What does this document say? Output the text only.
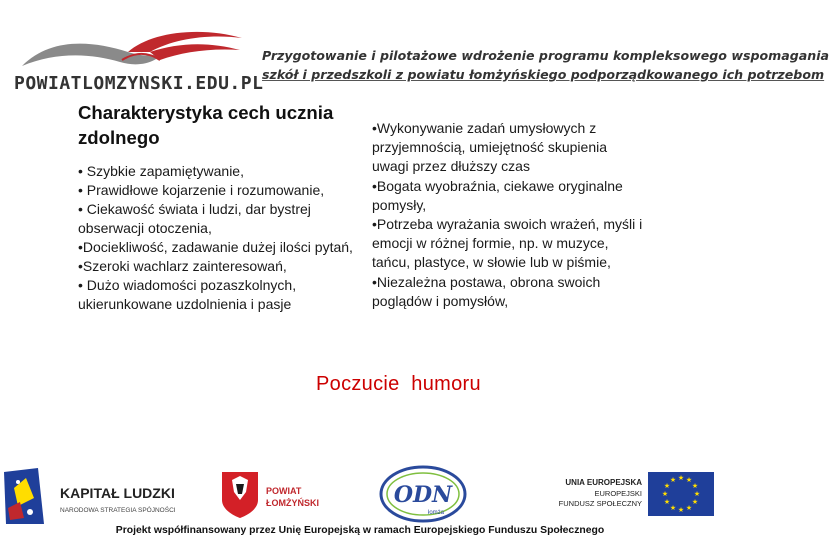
POWIATLOMZYNSKI.EDU.PL
Przygotowanie i pilotażowe wdrożenie programu kompleksowego wspomagania
szkół i przedszkoli z powiatu łomżyńskiego podporządkowanego ich potrzebom
Charakterystyka cech ucznia zdolnego

• Szybkie zapamiętywanie,

• Prawidłowe kojarzenie i rozumowanie,

• Ciekawość świata i ludzi, dar bystrej obserwacji otoczenia,

•Dociekliwość, zadawanie dużej ilości pytań,

•Szeroki wachlarz zainteresowań,

• Dużo wiadomości pozaszkolnych, ukierunkowane uzdolnienia i pasje

•Wykonywanie zadań umysłowych z przyjemnością, umiejętność skupienia uwagi przez dłuższy czas

•Bogata wyobraźnia, ciekawe oryginalne pomysły,

•Potrzeba wyrażania swoich wrażeń, myśli i emocji w różnej formie, np. w muzyce, tańcu, plastyce, w słowie lub w piśmie,

•Niezależna postawa, obrona swoich poglądów i pomysłów,

Poczucie  humoru
KAPITAŁ LUDZKI
NARODOWA STRATEGIA SPÓJNOŚCI
POWIAT
ŁOMŻYŃSKI	ODN
łomża
UNIA EUROPEJSKA
EUROPEJSKI
FUNDUSZ SPOŁECZNY
★ ★
★
★
★
★
★
★
★
★
★
★
Projekt współfinansowany przez Unię Europejską w ramach Europejskiego Funduszu Społecznego
